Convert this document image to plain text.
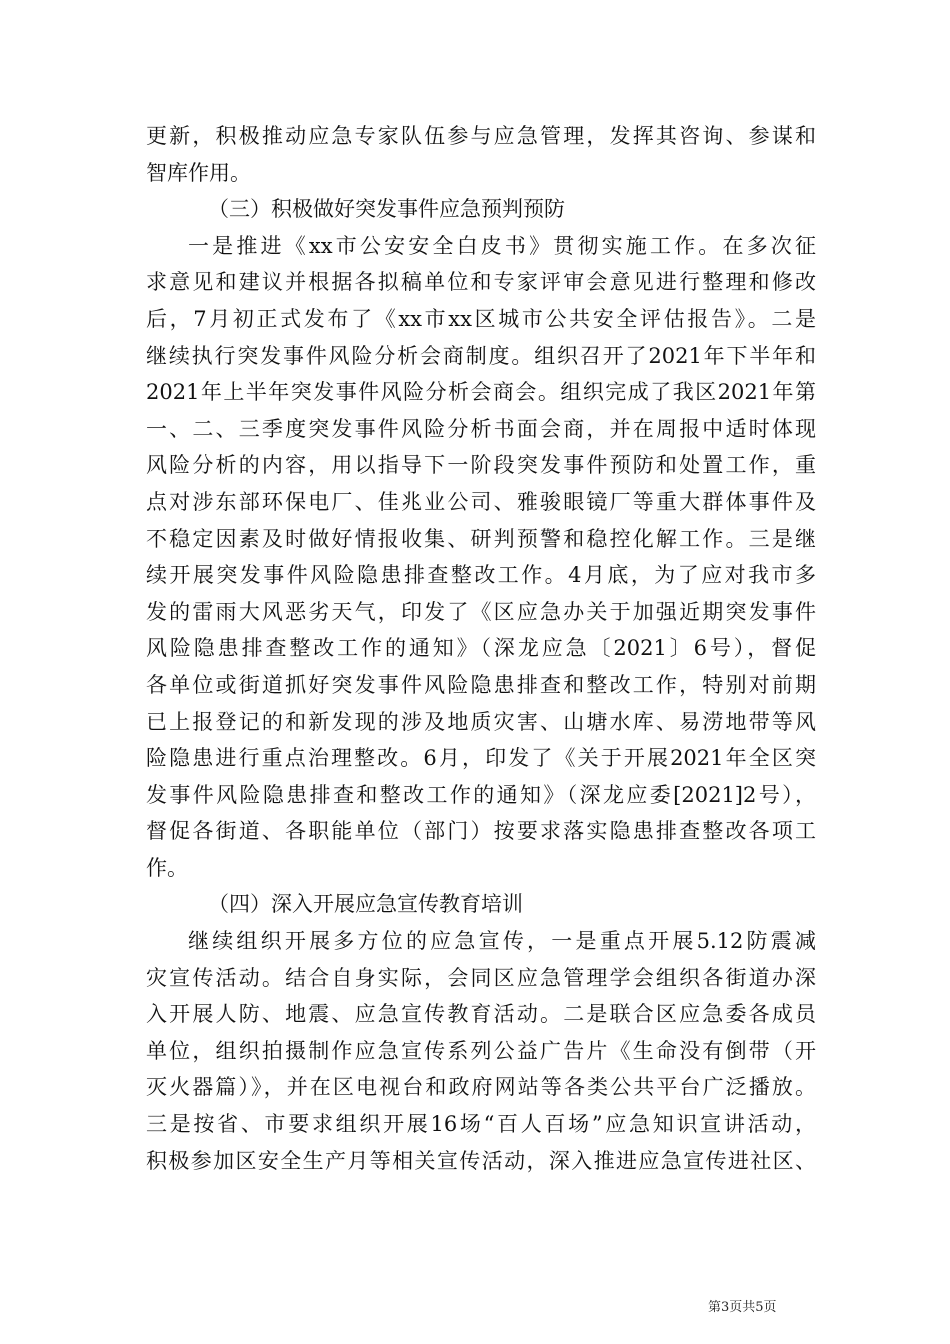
更新，积极推动应急专家队伍参与应急管理，发挥其咨询、参谋和
智库作用。
（三）积极做好突发事件应急预判预防
一是推进《xx市公安安全白皮书》贯彻实施工作。在多次征
求意见和建议并根据各拟稿单位和专家评审会意见进行整理和修改
后，7月初正式发布了《xx市xx区城市公共安全评估报告》。二是
继续执行突发事件风险分析会商制度。组织召开了2021年下半年和
2021年上半年突发事件风险分析会商会。组织完成了我区2021年第
一、二、三季度突发事件风险分析书面会商，并在周报中适时体现
风险分析的内容，用以指导下一阶段突发事件预防和处置工作，重
点对涉东部环保电厂、佳兆业公司、雅骏眼镜厂等重大群体事件及
不稳定因素及时做好情报收集、研判预警和稳控化解工作。三是继
续开展突发事件风险隐患排查整改工作。4月底，为了应对我市多
发的雷雨大风恶劣天气，印发了《区应急办关于加强近期突发事件
风险隐患排查整改工作的通知》（深龙应急〔2021〕6号），督促
各单位或街道抓好突发事件风险隐患排查和整改工作，特别对前期
已上报登记的和新发现的涉及地质灾害、山塘水库、易涝地带等风
险隐患进行重点治理整改。6月，印发了《关于开展2021年全区突
发事件风险隐患排查和整改工作的通知》（深龙应委[2021]2号），
督促各街道、各职能单位（部门）按要求落实隐患排查整改各项工
作。
（四）深入开展应急宣传教育培训
继续组织开展多方位的应急宣传，一是重点开展5.12防震减
灾宣传活动。结合自身实际，会同区应急管理学会组织各街道办深
入开展人防、地震、应急宣传教育活动。二是联合区应急委各成员
单位，组织拍摄制作应急宣传系列公益广告片《生命没有倒带（开
灭火器篇）》，并在区电视台和政府网站等各类公共平台广泛播放。
三是按省、市要求组织开展16场“百人百场”应急知识宣讲活动，
积极参加区安全生产月等相关宣传活动，深入推进应急宣传进社区、
第3页共5页
